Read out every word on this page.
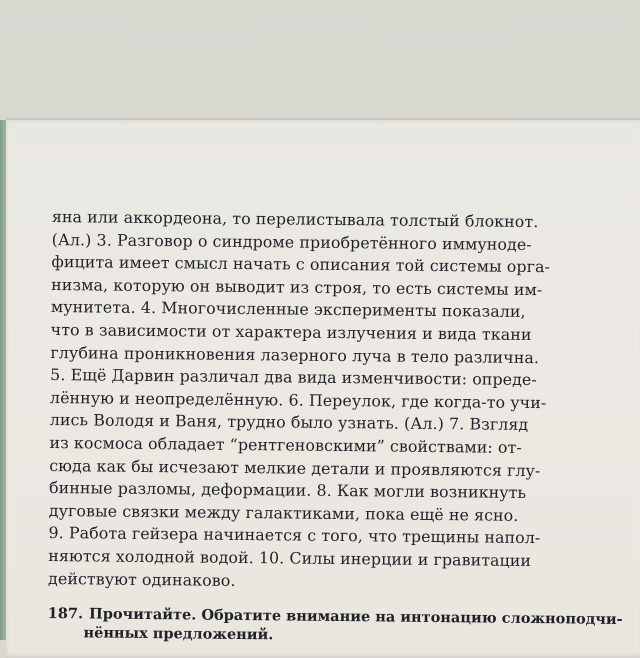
яна или аккордеона, то перелистывала толстый блокнот.
(Ал.) 3. Разговор о синдроме приобретённого иммуноде-
фицита имеет смысл начать с описания той системы орга-
низма, которую он выводит из строя, то есть системы им-
мунитета. 4. Многочисленные эксперименты показали,
что в зависимости от характера излучения и вида ткани
глубина проникновения лазерного луча в тело различна.
5. Ещё Дарвин различал два вида изменчивости: опреде-
лённую и неопределённую. 6. Переулок, где когда-то учи-
лись Володя и Ваня, трудно было узнать. (Ал.) 7. Взгляд
из космоса обладает “рентгеновскими” свойствами: от-
сюда как бы исчезают мелкие детали и проявляются глу-
бинные разломы, деформации. 8. Как могли возникнуть
дуговые связки между галактиками, пока ещё не ясно.
9. Работа гейзера начинается с того, что трещины напол-
няются холодной водой. 10. Силы инерции и гравитации
действуют одинаково.
187. Прочитайте. Обратите внимание на интонацию сложноподчи-
нённых предложений.
